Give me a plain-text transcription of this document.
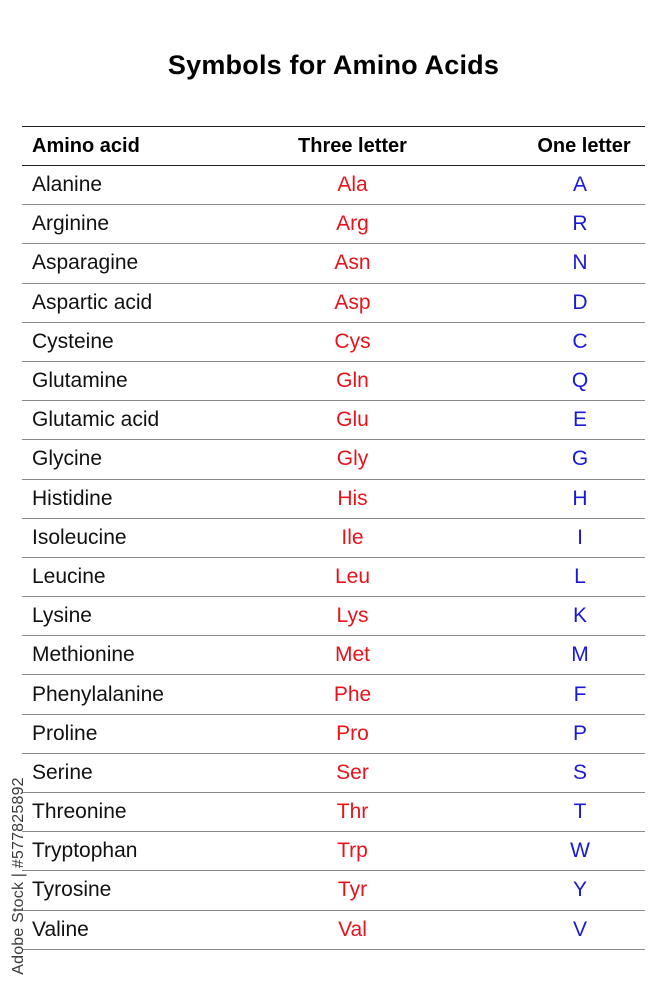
Symbols for Amino Acids
Amino acid	Three letter	One letter
Alanine	Ala	A
Arginine	Arg	R
Asparagine	Asn	N
Aspartic acid	Asp	D
Cysteine	Cys	C
Glutamine	Gln	Q
Glutamic acid	Glu	E
Glycine	Gly	G
Histidine	His	H
Isoleucine	Ile	I
Leucine	Leu	L
Lysine	Lys	K
Methionine	Met	M
Phenylalanine	Phe	F
Proline	Pro	P
Serine	Ser	S
Threonine	Thr	T
Tryptophan	Trp	W
Tyrosine	Tyr	Y
Valine	Val	V
Adobe Stock | #577825892
